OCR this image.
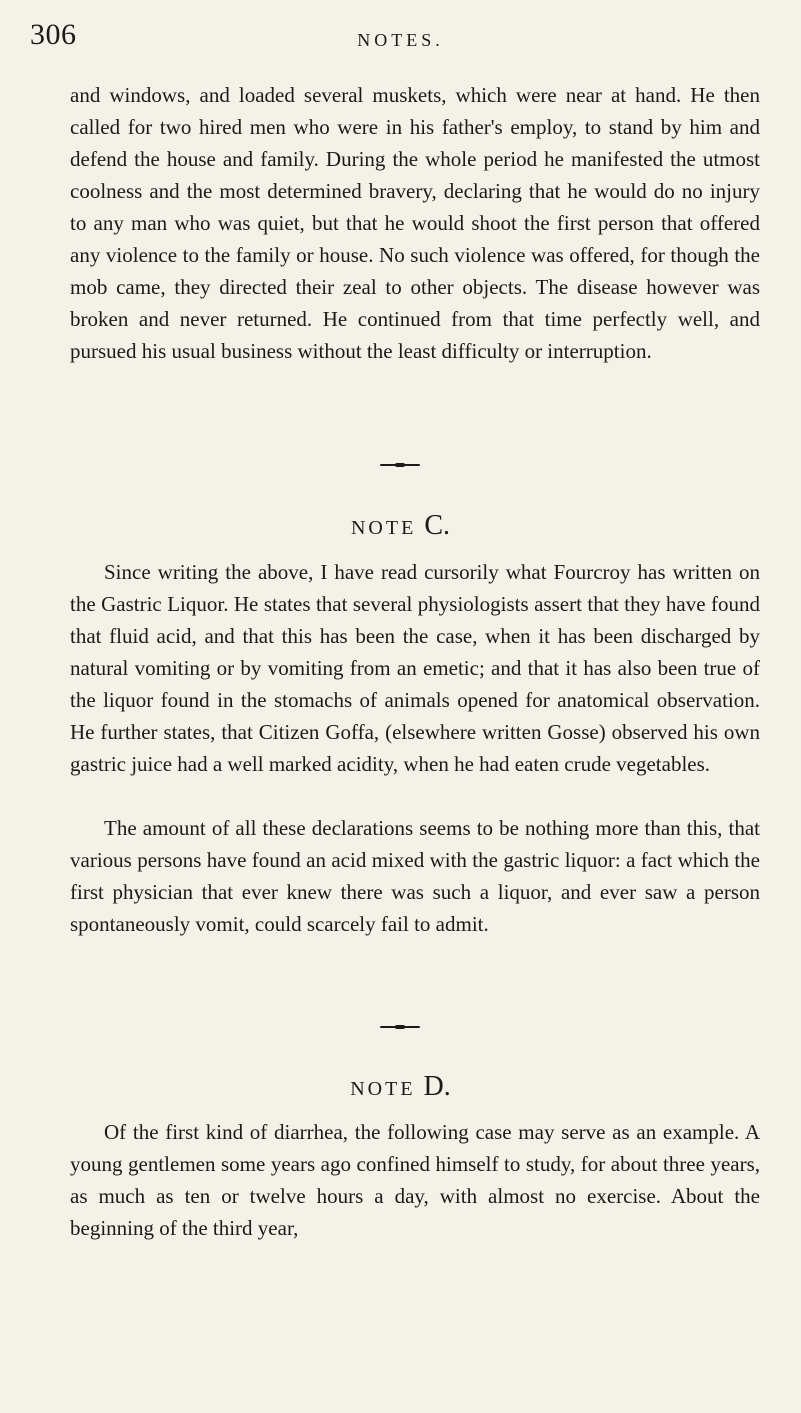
306	NOTES.

and windows, and loaded several muskets, which were near at hand. He then called for two hired men who were in his father's employ, to stand by him and defend the house and family. During the whole period he manifested the utmost coolness and the most determined bravery, declaring that he would do no injury to any man who was quiet, but that he would shoot the first person that offered any violence to the family or house. No such violence was offered, for though the mob came, they directed their zeal to other objects. The disease however was broken and never returned. He continued from that time perfectly well, and pursued his usual business without the least difficulty or interruption.

NOTE C.

Since writing the above, I have read cursorily what Fourcroy has written on the Gastric Liquor. He states that several physiologists assert that they have found that fluid acid, and that this has been the case, when it has been discharged by natural vomiting or by vomiting from an emetic; and that it has also been true of the liquor found in the stomachs of animals opened for anatomical observation. He further states, that Citizen Goffa, (elsewhere written Gosse) observed his own gastric juice had a well marked acidity, when he had eaten crude vegetables.

The amount of all these declarations seems to be nothing more than this, that various persons have found an acid mixed with the gastric liquor: a fact which the first physician that ever knew there was such a liquor, and ever saw a person spontaneously vomit, could scarcely fail to admit.

NOTE D.

Of the first kind of diarrhea, the following case may serve as an example. A young gentlemen some years ago confined himself to study, for about three years, as much as ten or twelve hours a day, with almost no exercise. About the beginning of the third year,
